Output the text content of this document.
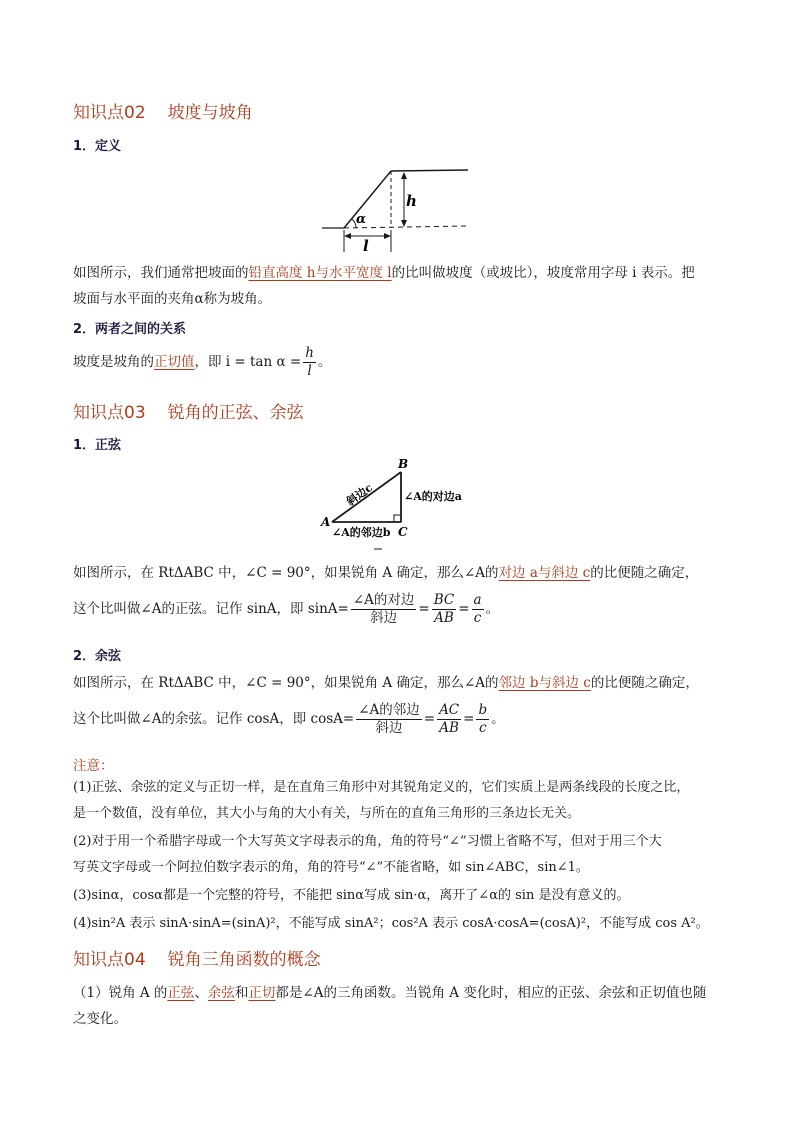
知识点02 坡度与坡角
1．定义
h
α
l
如图所示，我们通常把坡面的铅直高度 h与水平宽度 l的比叫做坡度（或坡比），坡度常用字母 i 表示。把
坡面与水平面的夹角α称为坡角。
2．两者之间的关系
坡度是坡角的正切值，即 $i = \tan \alpha = \frac{h}{l}$ 。
知识点03 锐角的正弦、余弦
1．正弦
B
A
C
斜边c	∠A的对边a
∠A的邻边b
如图所示，在 RtΔABC 中，∠C = 90°，如果锐角 A 确定，那么∠A的对边 a与斜边 c的比便随之确定，
这个比叫做∠A的正弦。记作 sinA，即 $\sin A= \frac{\text{∠A的对边}}{\text{斜边}} = \frac{BC}{AB} = \frac{a}{c}$ 。
2．余弦
如图所示，在 RtΔABC 中，∠C = 90°，如果锐角 A 确定，那么∠A的邻边 b与斜边 c的比便随之确定，
这个比叫做∠A的余弦。记作 cosA，即 $\cos A= \frac{\text{∠A的邻边}}{\text{斜边}} = \frac{AC}{AB} = \frac{b}{c}$ 。
注意：
(1)正弦、余弦的定义与正切一样，是在直角三角形中对其锐角定义的，它们实质上是两条线段的长度之比，
是一个数值，没有单位，其大小与角的大小有关，与所在的直角三角形的三条边长无关。
(2)对于用一个希腊字母或一个大写英文字母表示的角，角的符号“∠”习惯上省略不写，但对于用三个大
写英文字母或一个阿拉伯数字表示的角，角的符号“∠”不能省略，如 sin∠ABC，sin∠1。
(3)sinα，cosα都是一个完整的符号，不能把 sinα写成 sin·α，离开了∠α的 sin 是没有意义的。
(4)sin²A 表示 sinA·sinA=(sinA)²，不能写成 sinA²；cos²A 表示 cosA·cosA=(cosA)²，不能写成 cos A²。
知识点04 锐角三角函数的概念
（1）锐角 A 的正弦、余弦和正切都是∠A的三角函数。当锐角 A 变化时，相应的正弦、余弦和正切值也随
之变化。
